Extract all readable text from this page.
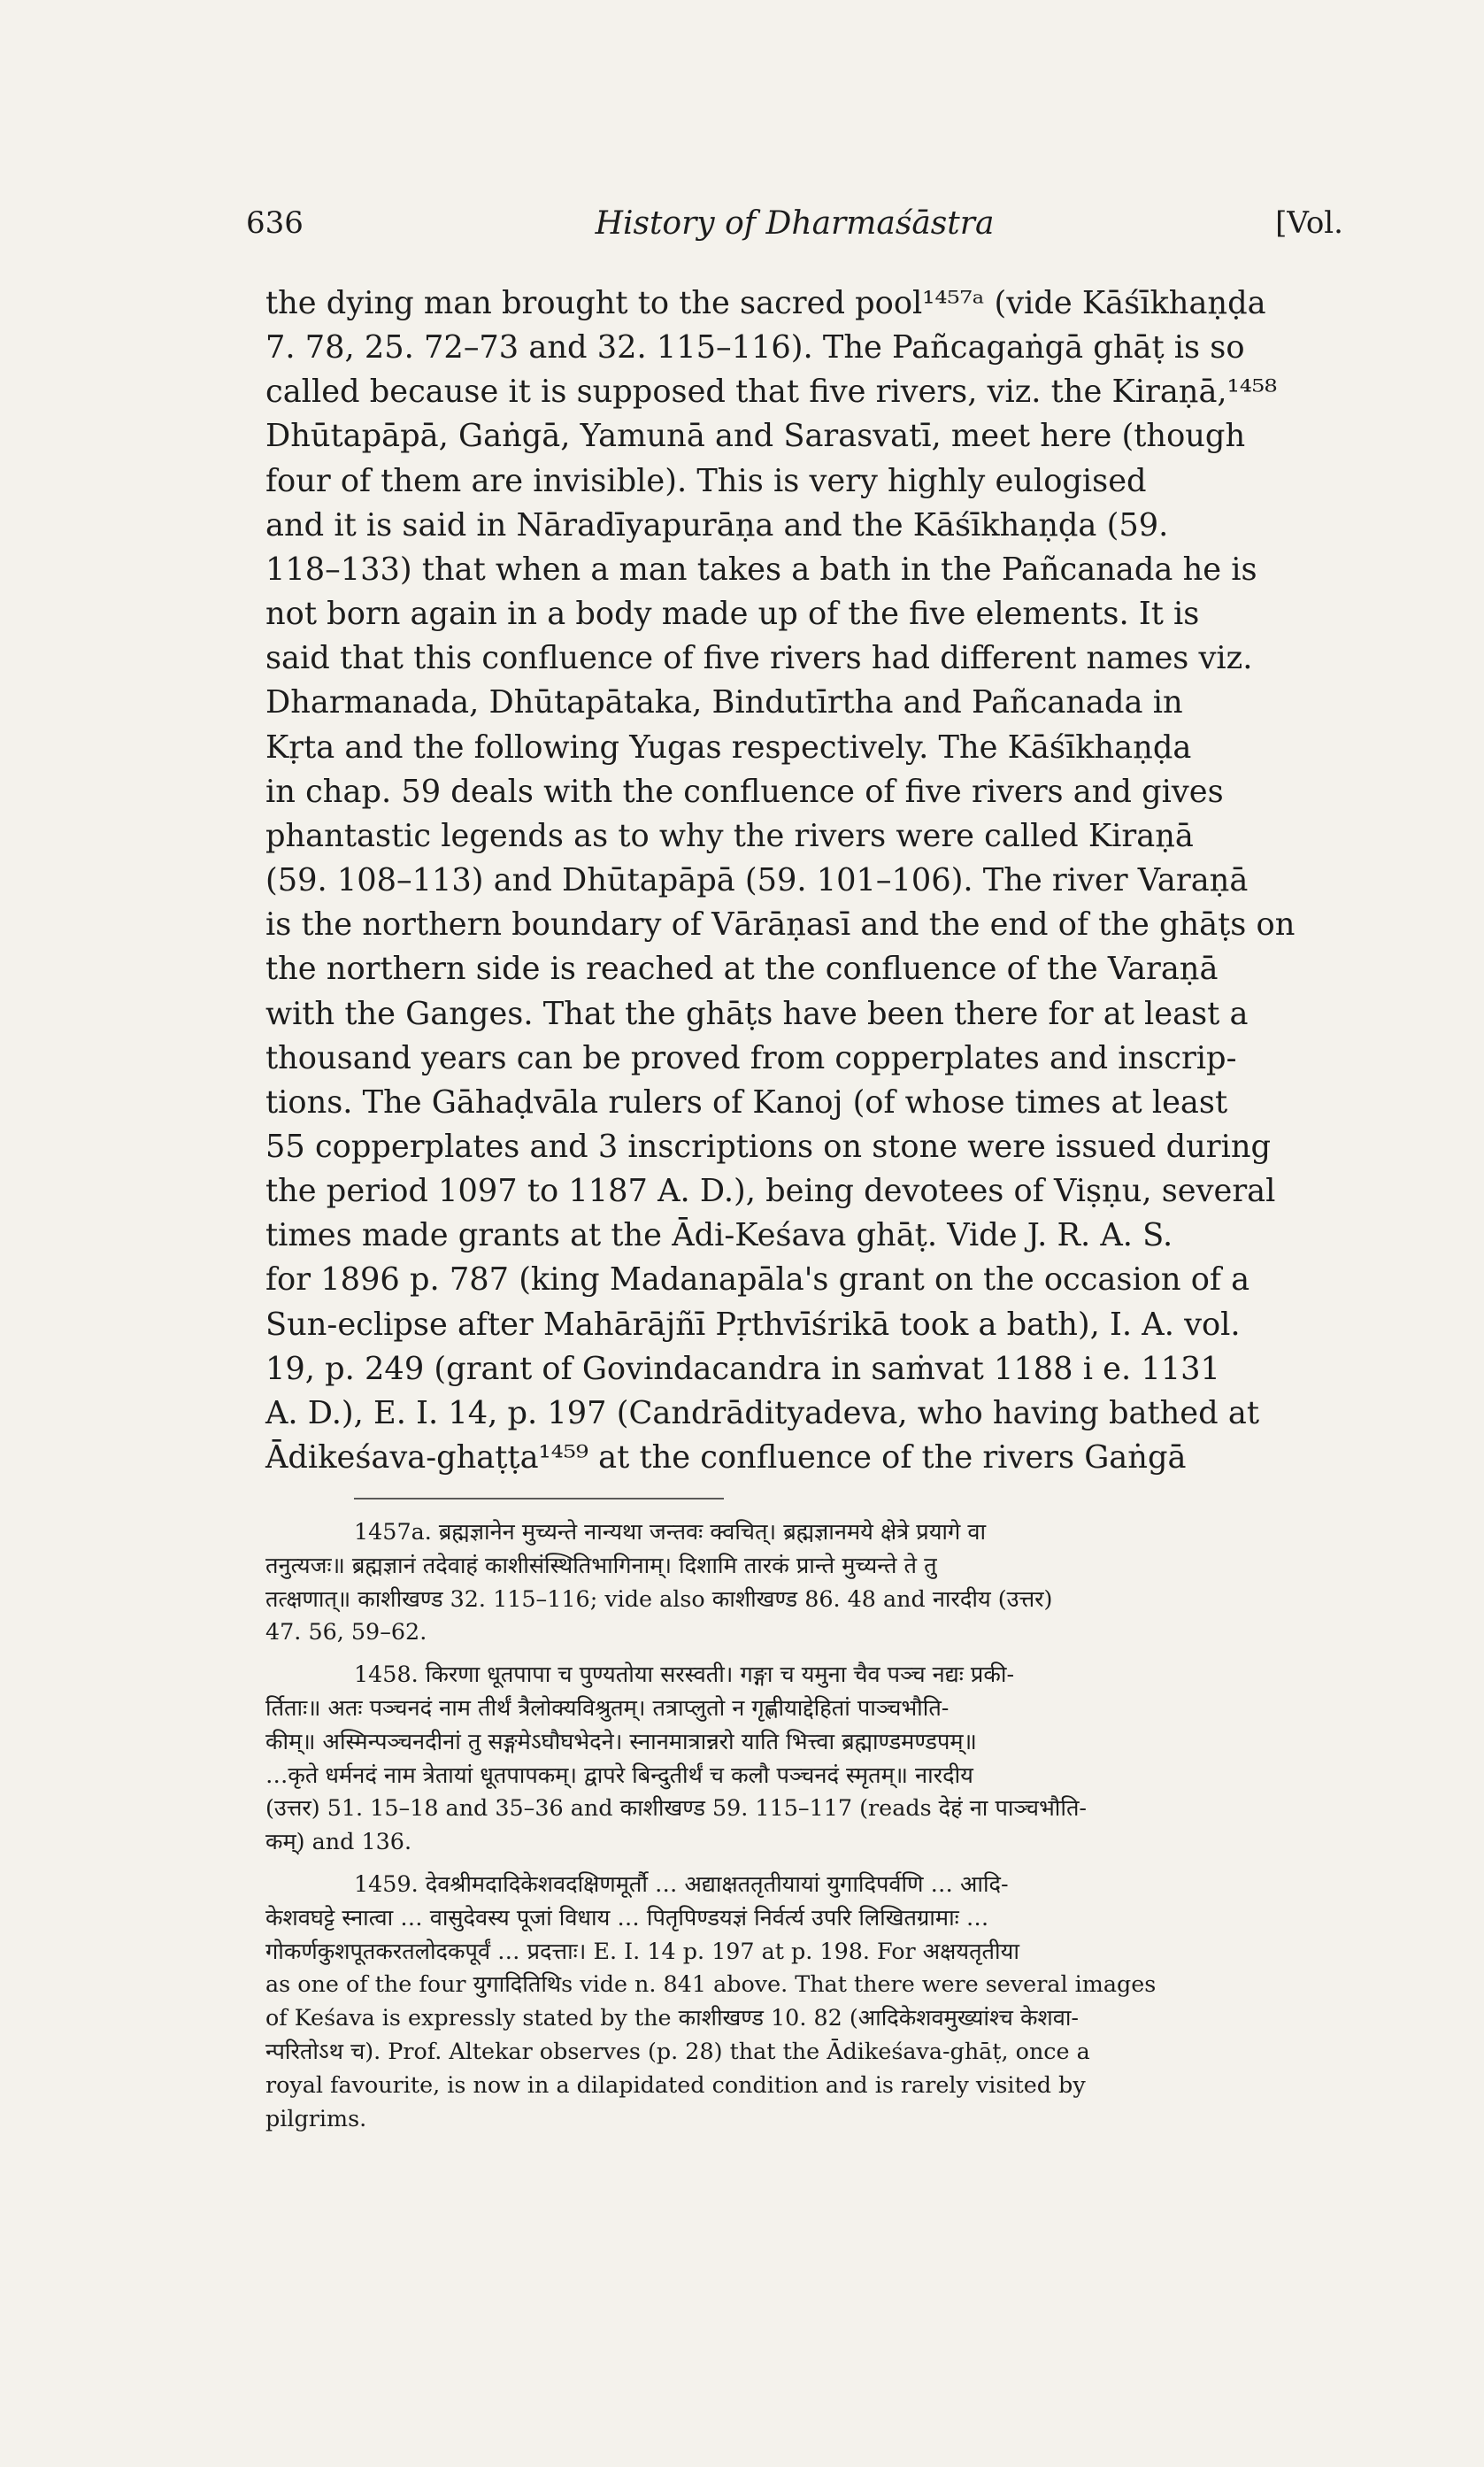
636	History of Dharmaśāstra	[Vol.
the dying man brought to the sacred pool¹⁴⁵⁷ᵃ (vide Kāśīkhaṇḍa
7. 78, 25. 72–73 and 32. 115–116). The Pañcagaṅgā ghāṭ is so
called because it is supposed that five rivers, viz. the Kiraṇā,¹⁴⁵⁸
Dhūtapāpā, Gaṅgā, Yamunā and Sarasvatī, meet here (though
four of them are invisible). This is very highly eulogised
and it is said in Nāradīyapurāṇa and the Kāśīkhaṇḍa (59.
118–133) that when a man takes a bath in the Pañcanada he is
not born again in a body made up of the five elements. It is
said that this confluence of five rivers had different names viz.
Dharmanada, Dhūtapātaka, Bindutīrtha and Pañcanada in
Kṛta and the following Yugas respectively. The Kāśīkhaṇḍa
in chap. 59 deals with the confluence of five rivers and gives
phantastic legends as to why the rivers were called Kiraṇā
(59. 108–113) and Dhūtapāpā (59. 101–106). The river Varaṇā
is the northern boundary of Vārāṇasī and the end of the ghāṭs on
the northern side is reached at the confluence of the Varaṇā
with the Ganges. That the ghāṭs have been there for at least a
thousand years can be proved from copperplates and inscrip-
tions. The Gāhaḍvāla rulers of Kanoj (of whose times at least
55 copperplates and 3 inscriptions on stone were issued during
the period 1097 to 1187 A. D.), being devotees of Viṣṇu, several
times made grants at the Ādi-Keśava ghāṭ. Vide J. R. A. S.
for 1896 p. 787 (king Madanapāla's grant on the occasion of a
Sun-eclipse after Mahārājñī Pṛthvīśrikā took a bath), I. A. vol.
19, p. 249 (grant of Govindacandra in saṁvat 1188 i e. 1131
A. D.), E. I. 14, p. 197 (Candrādityadeva, who having bathed at
Ādikeśava-ghaṭṭa¹⁴⁵⁹ at the confluence of the rivers Gaṅgā
1457a. ब्रह्मज्ञानेन मुच्यन्ते नान्यथा जन्तवः क्वचित्। ब्रह्मज्ञानमये क्षेत्रे प्रयागे वा
तनुत्यजः॥ ब्रह्मज्ञानं तदेवाहं काशीसंस्थितिभागिनाम्। दिशामि तारकं प्रान्ते मुच्यन्ते ते तु
तत्क्षणात्॥ काशीखण्ड 32. 115–116; vide also काशीखण्ड 86. 48 and नारदीय (उत्तर)
47. 56, 59–62.
1458. किरणा धूतपापा च पुण्यतोया सरस्वती। गङ्गा च यमुना चैव पञ्च नद्यः प्रकी-
र्तिताः॥ अतः पञ्चनदं नाम तीर्थं त्रैलोक्यविश्रुतम्। तत्राप्लुतो न गृह्णीयाद्देहितां पाञ्चभौति-
कीम्॥ अस्मिन्पञ्चनदीनां तु सङ्गमेऽघौघभेदने। स्नानमात्रान्नरो याति भित्त्वा ब्रह्माण्डमण्डपम्॥
…कृते धर्मनदं नाम त्रेतायां धूतपापकम्। द्वापरे बिन्दुतीर्थं च कलौ पञ्चनदं स्मृतम्॥ नारदीय
(उत्तर) 51. 15–18 and 35–36 and काशीखण्ड 59. 115–117 (reads देहं ना पाञ्चभौति-
कम्) and 136.
1459. देवश्रीमदादिकेशवदक्षिणमूर्तौ … अद्याक्षततृतीयायां युगादिपर्वणि … आदि-
केशवघट्टे स्नात्वा … वासुदेवस्य पूजां विधाय … पितृपिण्डयज्ञं निर्वर्त्य उपरि लिखितग्रामाः …
गोकर्णकुशपूतकरतलोदकपूर्वं … प्रदत्ताः। E. I. 14 p. 197 at p. 198. For अक्षयतृतीया
as one of the four युगादितिथिs vide n. 841 above. That there were several images
of Keśava is expressly stated by the काशीखण्ड 10. 82 (आदिकेशवमुख्यांश्च केशवा-
न्परितोऽथ च). Prof. Altekar observes (p. 28) that the Ādikeśava-ghāṭ, once a
royal favourite, is now in a dilapidated condition and is rarely visited by
pilgrims.
